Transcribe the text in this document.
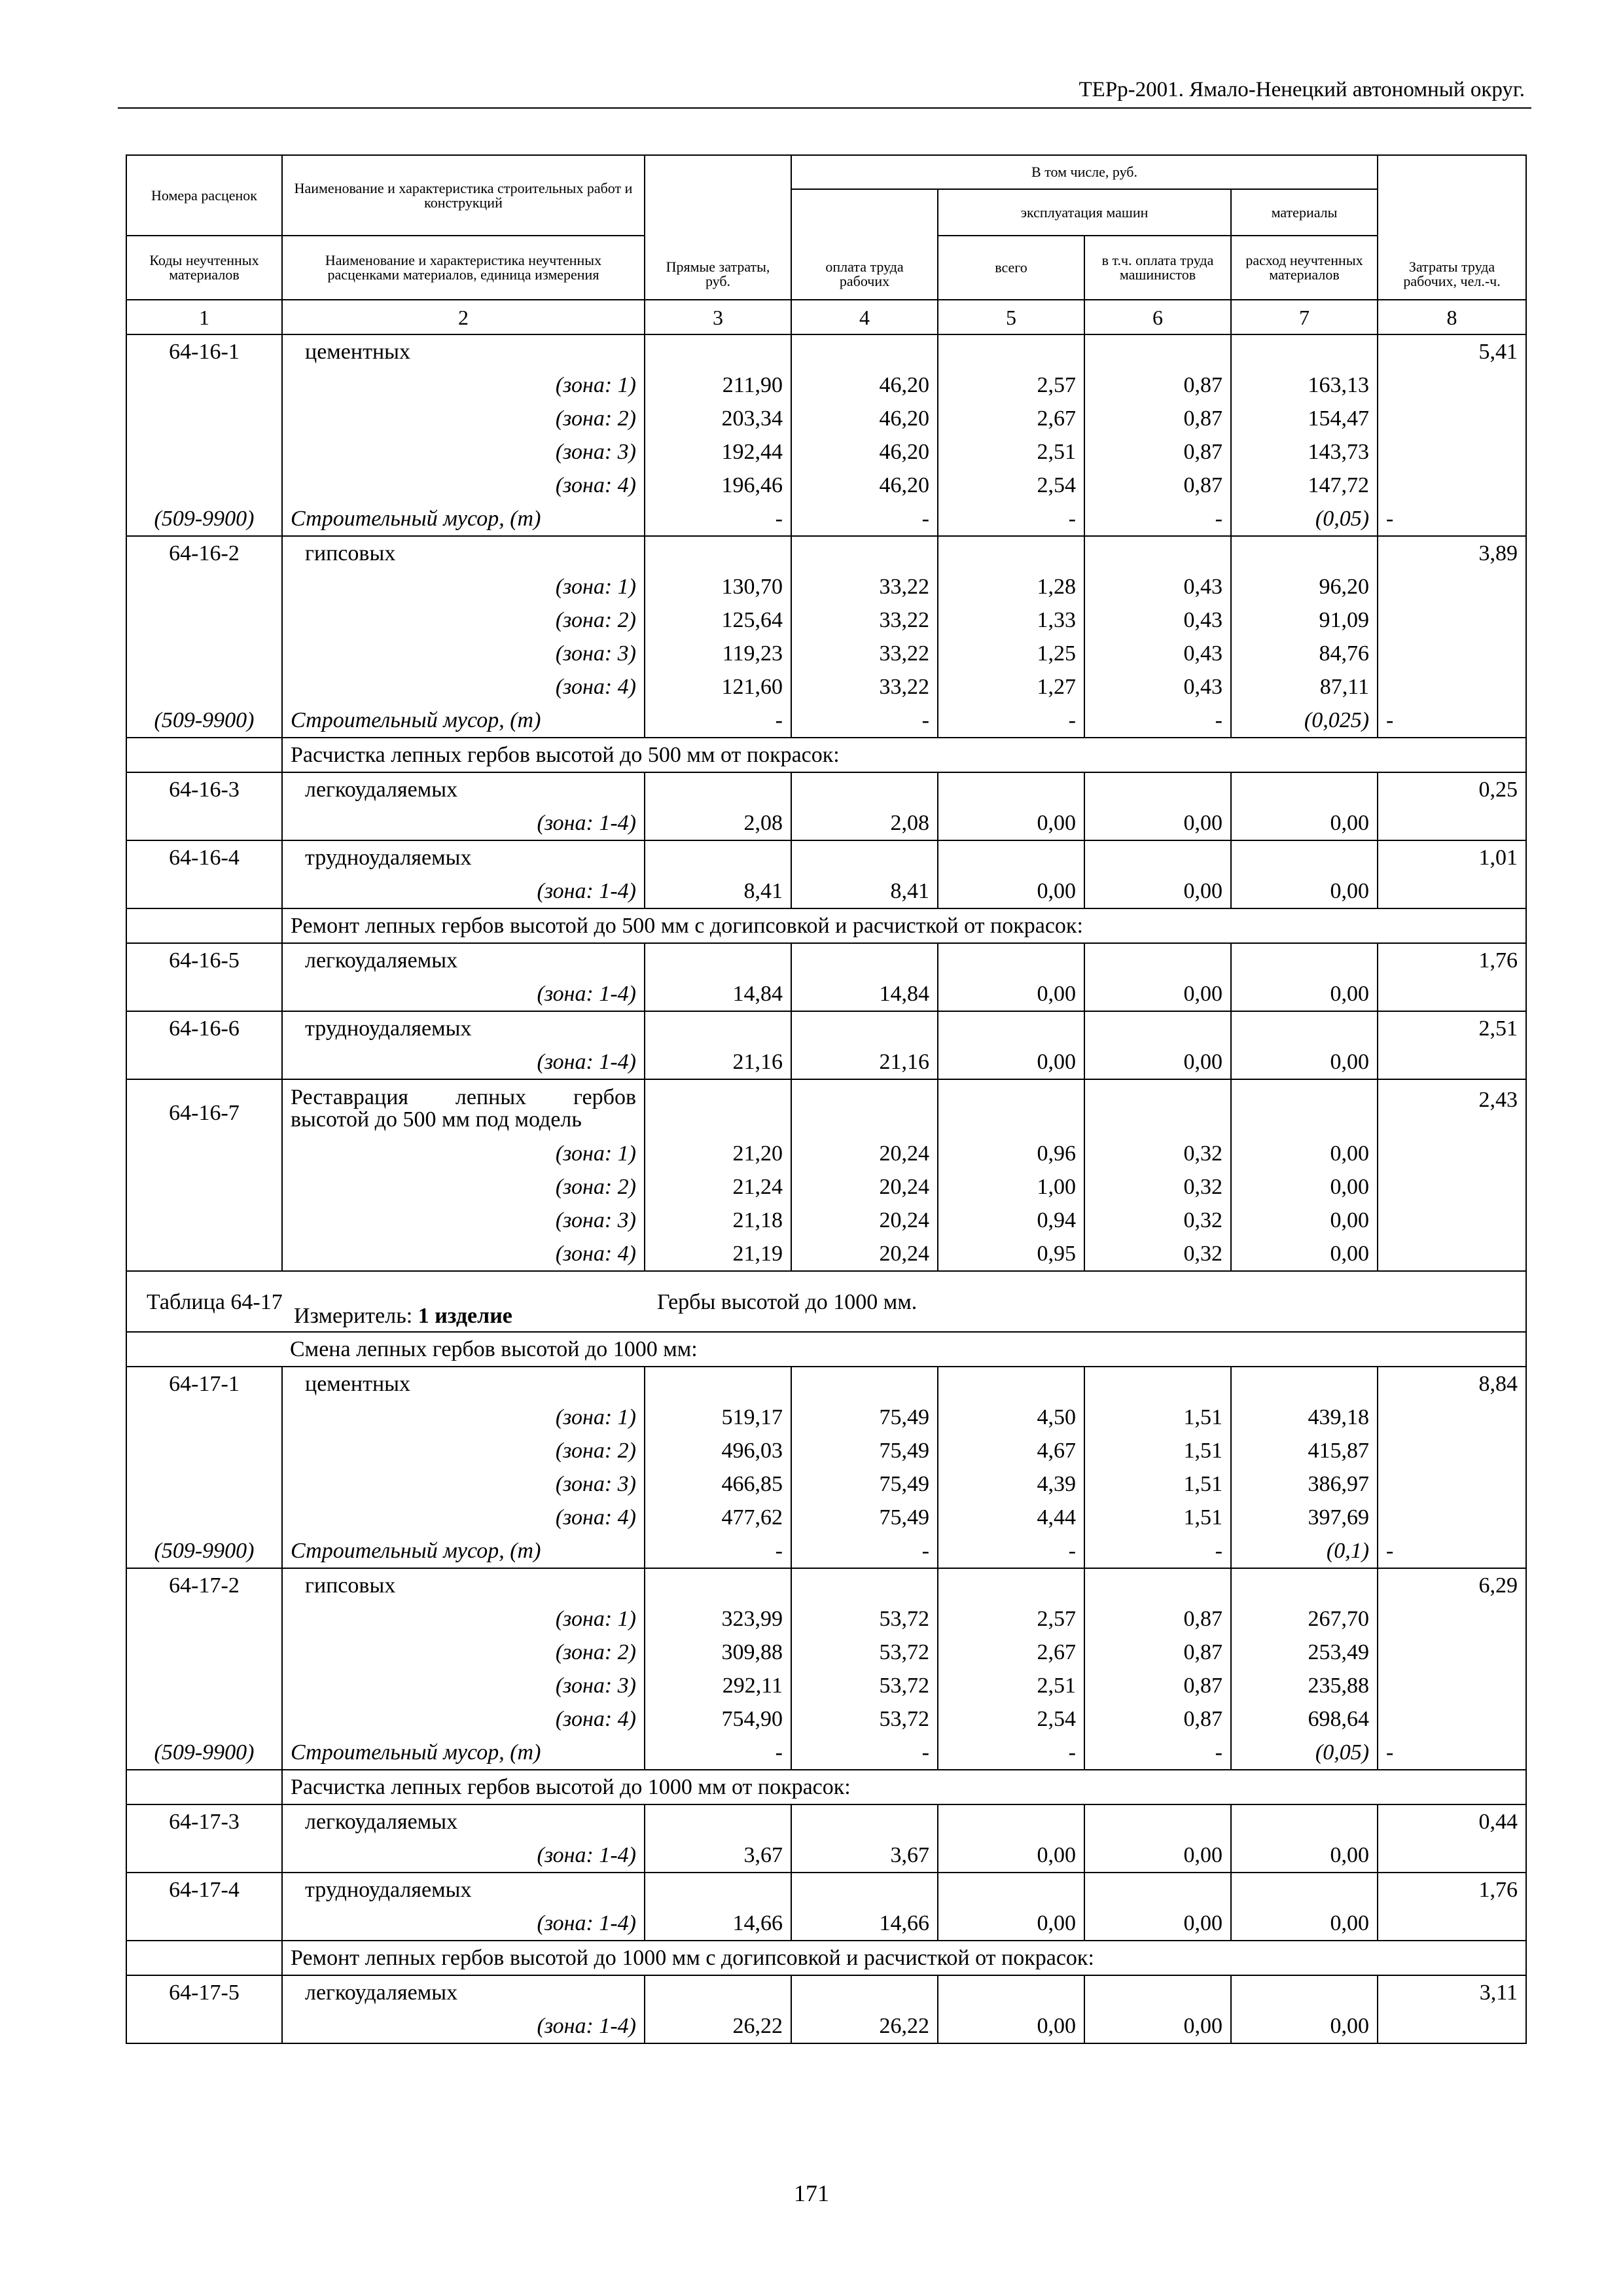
ТЕРр-2001. Ямало-Ненецкий автономный округ.
Номера расценок	Наименование и характеристика строительных работ и конструкций	Прямые затраты, руб.	В том числе, руб.				Затраты труда рабочих, чел.-ч.
			оплата труда рабочих	эксплуатация машин		материалы	
Коды неучтенных материалов	Наименование и характеристика неучтенных расценками материалов, единица измерения			всего	в т.ч. оплата труда машинистов	расход неучтенных материалов	
1	2	3	4	5	6	7	8
64-16-1	цементных						5,41
	(зона: 1)	211,90	46,20	2,57	0,87	163,13	
	(зона: 2)	203,34	46,20	2,67	0,87	154,47	
	(зона: 3)	192,44	46,20	2,51	0,87	143,73	
	(зона: 4)	196,46	46,20	2,54	0,87	147,72	
(509-9900)	Строительный мусор, (т)	-	-	-	-	(0,05)	-
64-16-2	гипсовых						3,89
	(зона: 1)	130,70	33,22	1,28	0,43	96,20	
	(зона: 2)	125,64	33,22	1,33	0,43	91,09	
	(зона: 3)	119,23	33,22	1,25	0,43	84,76	
	(зона: 4)	121,60	33,22	1,27	0,43	87,11	
(509-9900)	Строительный мусор, (т)	-	-	-	-	(0,025)	-
	Расчистка лепных гербов высотой до 500 мм от покрасок:						
64-16-3	легкоудаляемых						0,25
	(зона: 1-4)	2,08	2,08	0,00	0,00	0,00	
64-16-4	трудноудаляемых						1,01
	(зона: 1-4)	8,41	8,41	0,00	0,00	0,00	
	Ремонт лепных гербов высотой до 500 мм с догипсовкой и расчисткой от покрасок:						
64-16-5	легкоудаляемых						1,76
	(зона: 1-4)	14,84	14,84	0,00	0,00	0,00	
64-16-6	трудноудаляемых						2,51
	(зона: 1-4)	21,16	21,16	0,00	0,00	0,00	
64-16-7	Реставрация лепных гербов высотой до 500 мм под модель						2,43
	(зона: 1)	21,20	20,24	0,96	0,32	0,00	
	(зона: 2)	21,24	20,24	1,00	0,32	0,00	
	(зона: 3)	21,18	20,24	0,94	0,32	0,00	
	(зона: 4)	21,19	20,24	0,95	0,32	0,00	

Таблица 64-17 Гербы высотой до 1000 мм.							

Измеритель: 1 изделие							
	Смена лепных гербов высотой до 1000 мм:						
64-17-1	цементных						8,84
	(зона: 1)	519,17	75,49	4,50	1,51	439,18	
	(зона: 2)	496,03	75,49	4,67	1,51	415,87	
	(зона: 3)	466,85	75,49	4,39	1,51	386,97	
	(зона: 4)	477,62	75,49	4,44	1,51	397,69	
(509-9900)	Строительный мусор, (т)	-	-	-	-	(0,1)	-
64-17-2	гипсовых						6,29
	(зона: 1)	323,99	53,72	2,57	0,87	267,70	
	(зона: 2)	309,88	53,72	2,67	0,87	253,49	
	(зона: 3)	292,11	53,72	2,51	0,87	235,88	
	(зона: 4)	754,90	53,72	2,54	0,87	698,64	
(509-9900)	Строительный мусор, (т)	-	-	-	-	(0,05)	-
	Расчистка лепных гербов высотой до 1000 мм от покрасок:						
64-17-3	легкоудаляемых						0,44
	(зона: 1-4)	3,67	3,67	0,00	0,00	0,00	
64-17-4	трудноудаляемых						1,76
	(зона: 1-4)	14,66	14,66	0,00	0,00	0,00	
	Ремонт лепных гербов высотой до 1000 мм с догипсовкой и расчисткой от покрасок:						
64-17-5	легкоудаляемых						3,11
	(зона: 1-4)	26,22	26,22	0,00	0,00	0,00	
171
